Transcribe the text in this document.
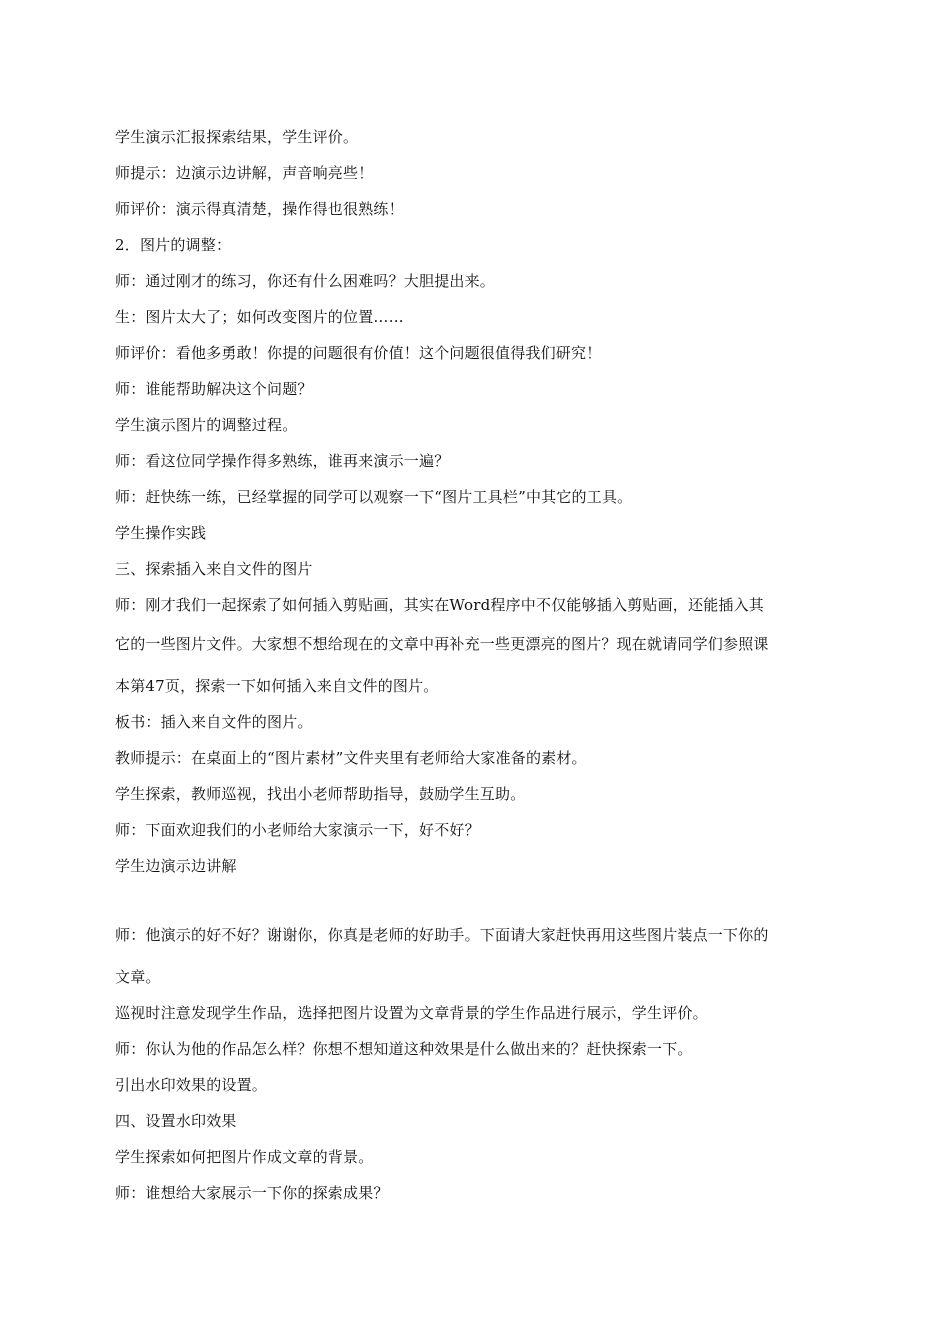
学生演示汇报探索结果，学生评价。
师提示：边演示边讲解，声音响亮些！
师评价：演示得真清楚，操作得也很熟练！
2．图片的调整：
师：通过刚才的练习，你还有什么困难吗？大胆提出来。
生：图片太大了；如何改变图片的位置……
师评价：看他多勇敢！你提的问题很有价值！这个问题很值得我们研究！
师：谁能帮助解决这个问题？
学生演示图片的调整过程。
师：看这位同学操作得多熟练，谁再来演示一遍？
师：赶快练一练，已经掌握的同学可以观察一下“图片工具栏”中其它的工具。
学生操作实践
三、探索插入来自文件的图片
师：刚才我们一起探索了如何插入剪贴画，其实在Word程序中不仅能够插入剪贴画，还能插入其
它的一些图片文件。大家想不想给现在的文章中再补充一些更漂亮的图片？现在就请同学们参照课
本第47页，探索一下如何插入来自文件的图片。
板书：插入来自文件的图片。
教师提示：在桌面上的“图片素材”文件夹里有老师给大家准备的素材。
学生探索，教师巡视，找出小老师帮助指导，鼓励学生互助。
师：下面欢迎我们的小老师给大家演示一下，好不好？
学生边演示边讲解
师：他演示的好不好？谢谢你，你真是老师的好助手。下面请大家赶快再用这些图片装点一下你的
文章。
巡视时注意发现学生作品，选择把图片设置为文章背景的学生作品进行展示，学生评价。
师：你认为他的作品怎么样？你想不想知道这种效果是什么做出来的？赶快探索一下。
引出水印效果的设置。
四、设置水印效果
学生探索如何把图片作成文章的背景。
师：谁想给大家展示一下你的探索成果？
